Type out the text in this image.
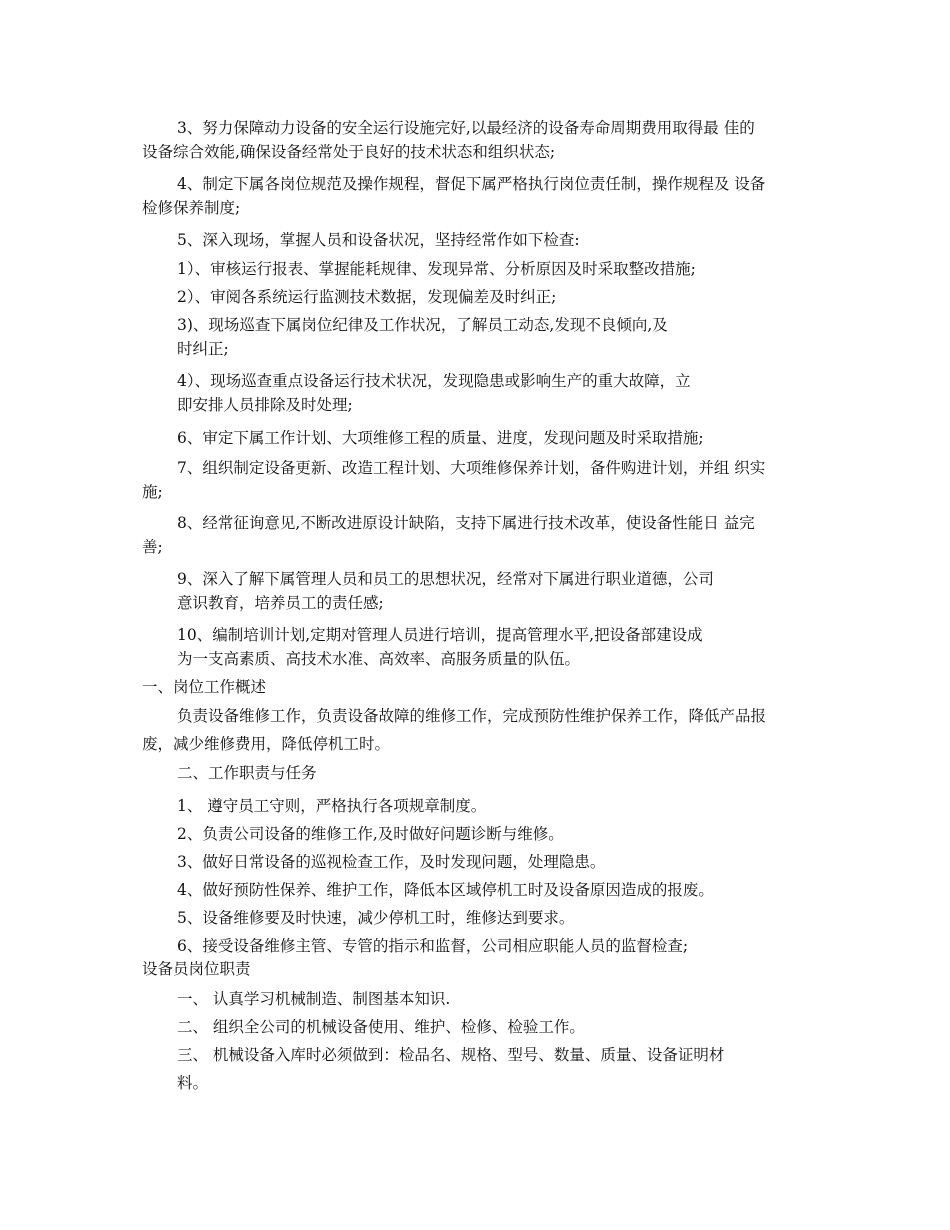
3、努力保障动力设备的安全运行设施完好,以最经济的设备寿命周期费用取得最 佳的
设备综合效能,确保设备经常处于良好的技术状态和组织状态;
4、制定下属各岗位规范及操作规程，督促下属严格执行岗位责任制，操作规程及 设备
检修保养制度;
5、深入现场，掌握人员和设备状况，坚持经常作如下检查:
1）、审核运行报表、掌握能耗规律、发现异常、分析原因及时采取整改措施;
2）、审阅各系统运行监测技术数据，发现偏差及时纠正;
3)、现场巡查下属岗位纪律及工作状况，了解员工动态,发现不良倾向,及
时纠正;
4）、现场巡查重点设备运行技术状况，发现隐患或影响生产的重大故障，立
即安排人员排除及时处理;
6、审定下属工作计划、大项维修工程的质量、进度，发现问题及时采取措施;
7、组织制定设备更新、改造工程计划、大项维修保养计划，备件购进计划，并组 织实
施;
8、经常征询意见,不断改进原设计缺陷，支持下属进行技术改革，使设备性能日 益完
善;
9、深入了解下属管理人员和员工的思想状况，经常对下属进行职业道德，公司
意识教育，培养员工的责任感;
10、编制培训计划,定期对管理人员进行培训，提高管理水平,把设备部建设成
为一支高素质、高技术水准、高效率、高服务质量的队伍。
一、岗位工作概述
负责设备维修工作，负责设备故障的维修工作，完成预防性维护保养工作，降低产品报
废，减少维修费用，降低停机工时。
二、工作职责与任务
1、 遵守员工守则，严格执行各项规章制度。
2、负责公司设备的维修工作,及时做好问题诊断与维修。
3、做好日常设备的巡视检查工作，及时发现问题，处理隐患。
4、做好预防性保养、维护工作，降低本区域停机工时及设备原因造成的报废。
5、设备维修要及时快速，减少停机工时，维修达到要求。
6、接受设备维修主管、专管的指示和监督，公司相应职能人员的监督检查;
设备员岗位职责
一、 认真学习机械制造、制图基本知识.
二、 组织全公司的机械设备使用、维护、检修、检验工作。
三、 机械设备入库时必须做到：检品名、规格、型号、数量、质量、设备证明材
料。
